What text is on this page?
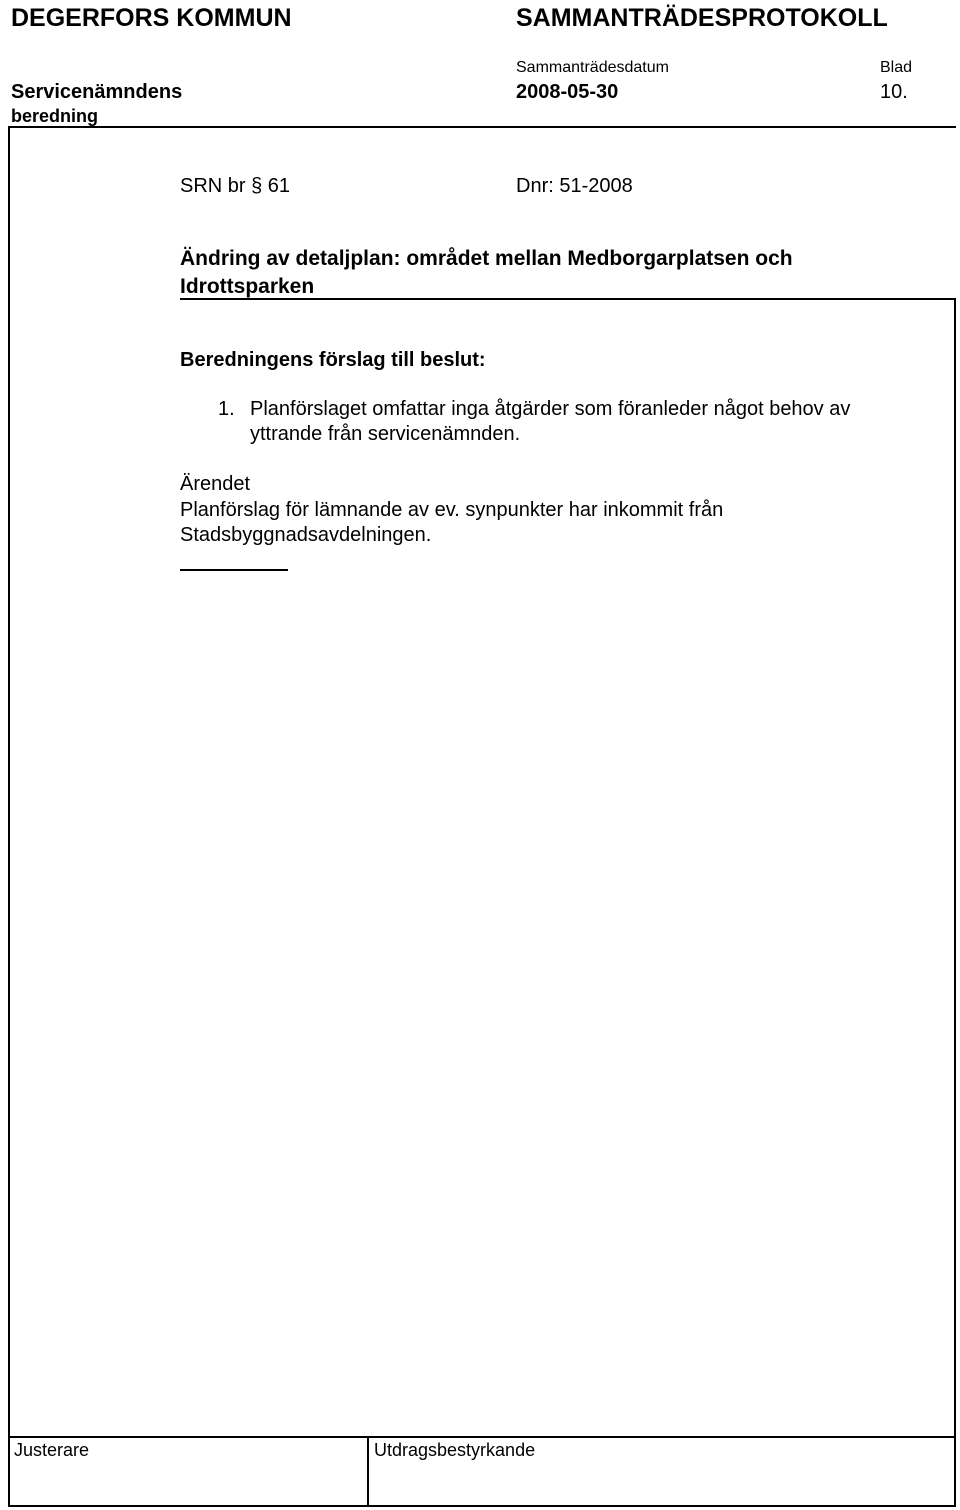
DEGERFORS KOMMUN	SAMMANTRÄDESPROTOKOLL
Sammanträdesdatum	Blad
Servicenämndens
beredning
2008-05-30	10.
SRN br § 61	Dnr: 51-2008
Ändring av detaljplan: området mellan Medborgarplatsen och
Idrottsparken
Beredningens förslag till beslut:
1. Planförslaget omfattar inga åtgärder som föranleder något behov av
yttrande från servicenämnden.
Ärendet
Planförslag för lämnande av ev. synpunkter har inkommit från
Stadsbyggnadsavdelningen.
Justerare	Utdragsbestyrkande
